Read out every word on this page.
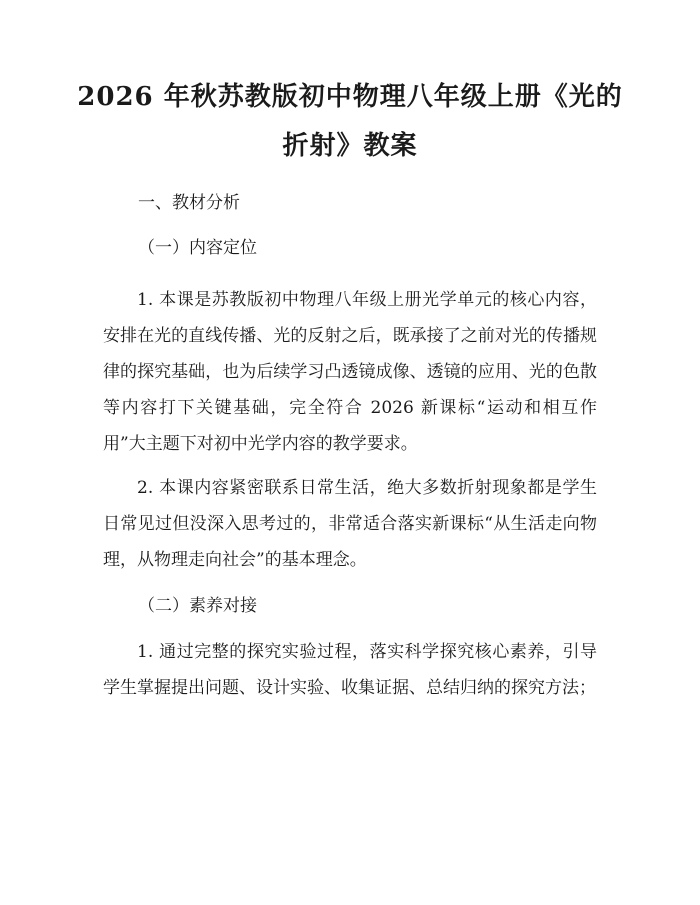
2026 年秋苏教版初中物理八年级上册《光的
折射》教案
一、教材分析
（一）内容定位

1. 本课是苏教版初中物理八年级上册光学单元的核心内容，安排在光的直线传播、光的反射之后，既承接了之前对光的传播规律的探究基础，也为后续学习凸透镜成像、透镜的应用、光的色散等内容打下关键基础，完全符合 2026 新课标“运动和相互作用”大主题下对初中光学内容的教学要求。

2. 本课内容紧密联系日常生活，绝大多数折射现象都是学生日常见过但没深入思考过的，非常适合落实新课标“从生活走向物理，从物理走向社会”的基本理念。

（二）素养对接

1. 通过完整的探究实验过程，落实科学探究核心素养，引导学生掌握提出问题、设计实验、收集证据、总结归纳的探究方法；
